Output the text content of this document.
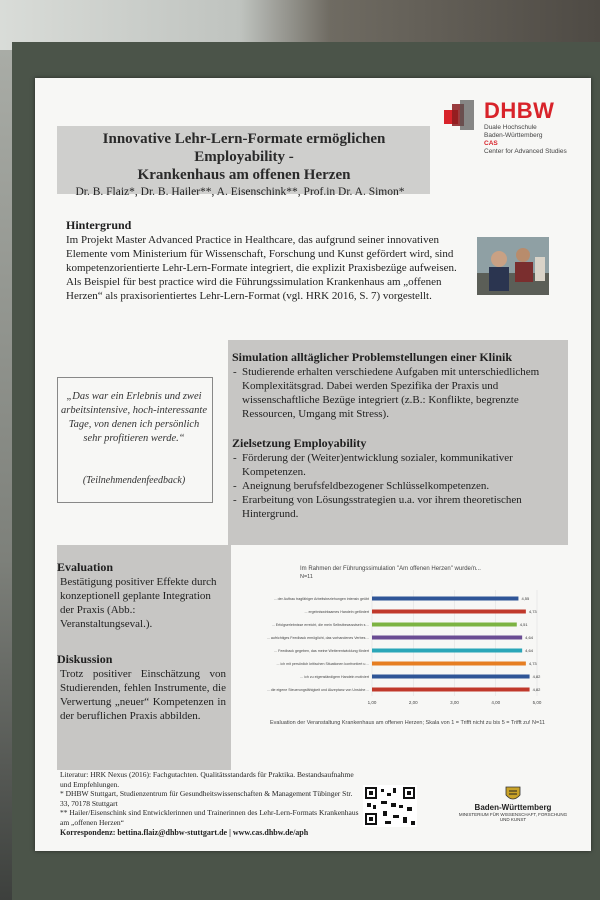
Innovative Lehr-Lern-Formate ermöglichen
Employability -
Krankenhaus am offenen Herzen
Dr. B. Flaiz*, Dr. B. Hailer**, A. Eisenschink**, Prof.in Dr. A. Simon*
DHBW
Duale Hochschule
Baden-Württemberg
CAS
Center for Advanced Studies
Hintergrund
Im Projekt Master Advanced Practice in Healthcare, das aufgrund seiner innovativen Elemente vom Ministerium für Wissenschaft, Forschung und Kunst gefördert wird, sind kompetenzorientierte Lehr-Lern-Formate integriert, die explizit Praxisbezüge aufweisen. Als Beispiel für best practice wird die Führungssimulation Krankenhaus am „offenen Herzen“ als praxisorientiertes Lehr-Lern-Format (vgl. HRK 2016, S. 7) vorgestellt.
„Das war ein Erlebnis und zwei arbeitsintensive, hoch-interessante Tage, von denen ich persönlich sehr profitieren werde.“
(Teilnehmendenfeedback)
Simulation alltäglicher Problemstellungen einer Klinik
- Studierende erhalten verschiedene Aufgaben mit unterschiedlichem Komplexitätsgrad. Dabei werden Spezifika der Praxis und wissenschaftliche Bezüge integriert (z.B.: Konflikte, begrenzte Ressourcen, Umgang mit Stress).
Zielsetzung Employability
- Förderung der (Weiter)entwicklung sozialer, kommunikativer Kompetenzen.
- Aneignung berufsfeldbezogener Schlüsselkompetenzen.
- Erarbeitung von Lösungsstrategien u.a. vor ihrem theoretischen Hintergrund.
Evaluation
Bestätigung positiver Effekte durch konzeptionell geplante Integration der Praxis (Abb.: Veranstaltungseval.).
Diskussion
Trotz positiver Einschätzung von Studierenden, fehlen Instrumente, die Verwertung „neuer“ Kompetenzen in der beruflichen Praxis abbilden.
Im Rahmen der Führungssimulation "Am offenen Herzen" wurde/n...
N=11
1,00	2,00	3,00	4,00	5,00
... der Aufbau tragfähiger Arbeitsbeziehungen intensiv geübt	4,55
... ergebniswirksames Handeln gefördert	4,73
... Erfolgserlebnisse erreicht, die mein Selbstbewusstsein s…	4,51
... aufrichtiges Feedback ermöglicht, das vorhandenes Verbes…	4,64
... Feedback gegeben, das meine Weiterentwicklung fördert	4,64
... ich mit persönlich kritischen Situationen konfrontiert u…	4,73
... ich zu eigenständigem Handeln motiviert	4,82
... die eigene Steuerungsfähigkeit und Akzeptanz von Unsiche…	4,82
Evaluation der Veranstaltung Krankenhaus am offenen Herzen; Skala von 1 = Trifft nicht zu bis 5 = Trifft zu! N=11
Literatur: HRK Nexus (2016): Fachgutachten. Qualitätsstandards für Praktika. Bestandsaufnahme und Empfehlungen.
* DHBW Stuttgart, Studienzentrum für Gesundheitswissenschaften & Management Tübinger Str. 33, 70178 Stuttgart
** Hailer/Eisenschink sind Entwicklerinnen und Trainerinnen des Lehr-Lern-Formats Krankenhaus am „offenen Herzen“
Korrespondenz: bettina.flaiz@dhbw-stuttgart.de | www.cas.dhbw.de/aph
Baden-Württemberg
MINISTERIUM FÜR WISSENSCHAFT, FORSCHUNG UND KUNST
